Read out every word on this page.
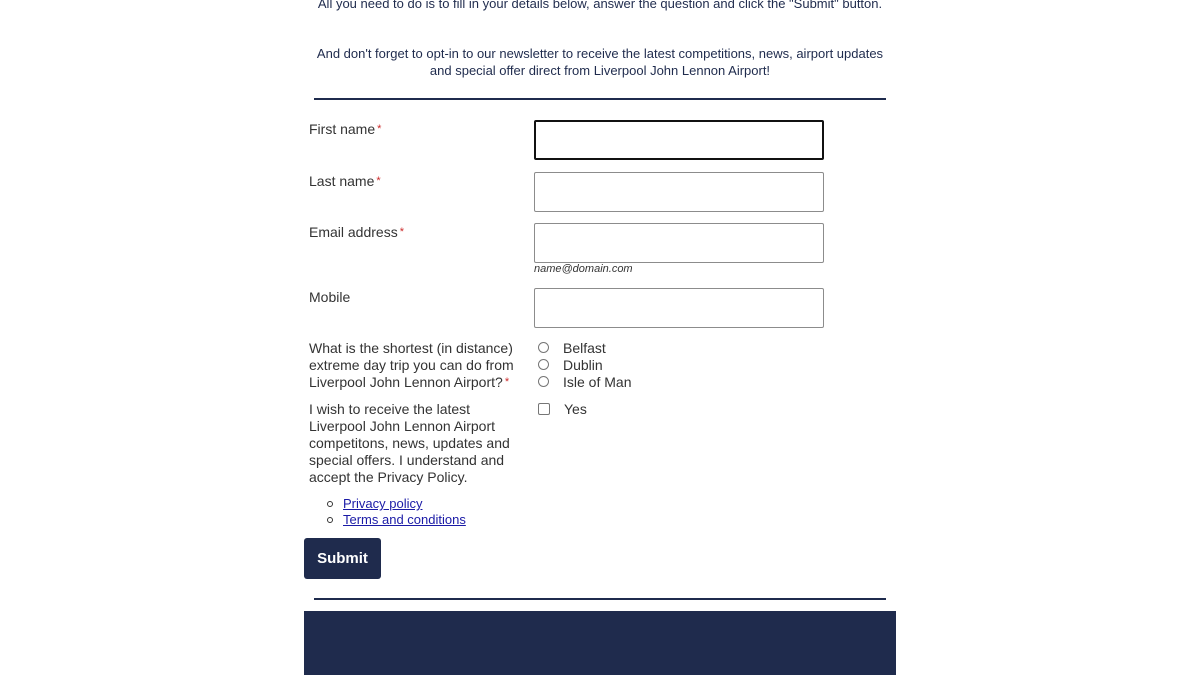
All you need to do is to fill in your details below, answer the question and click the "Submit" button.

And don't forget to opt-in to our newsletter to receive the latest competitions, news, airport updates and special offer direct from Liverpool John Lennon Airport!

First name *
Last name *
Email address *
name@domain.com
Mobile
What is the shortest (in distance) extreme day trip you can do from Liverpool John Lennon Airport? *
Belfast
Dublin
Isle of Man
I wish to receive the latest Liverpool John Lennon Airport competitons, news, updates and special offers. I understand and accept the Privacy Policy.
Yes
Privacy policy
Terms and conditions
Submit
